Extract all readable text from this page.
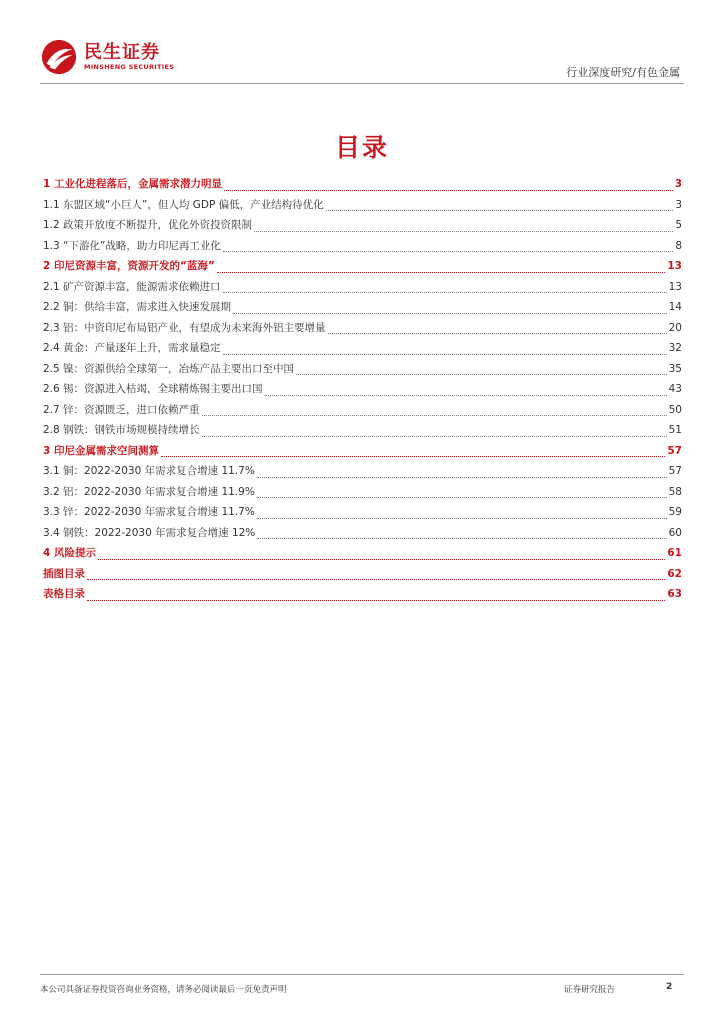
民生证券
MINSHENG SECURITIES	行业深度研究/有色金属
目录
1 工业化进程落后，金属需求潜力明显	3
1.1 东盟区域“小巨人”，但人均 GDP 偏低，产业结构待优化	3
1.2 政策开放度不断提升，优化外资投资限制	5
1.3 “下游化”战略，助力印尼再工业化	8
2 印尼资源丰富，资源开发的“蓝海”	13
2.1 矿产资源丰富，能源需求依赖进口	13
2.2 铜：供给丰富，需求进入快速发展期	14
2.3 铝：中资印尼布局铝产业，有望成为未来海外铝主要增量	20
2.4 黄金：产量逐年上升，需求量稳定	32
2.5 镍：资源供给全球第一，冶炼产品主要出口至中国	35
2.6 锡：资源进入枯竭，全球精炼锡主要出口国	43
2.7 锌：资源匮乏，进口依赖严重	50
2.8 钢铁：钢铁市场规模持续增长	51
3 印尼金属需求空间测算	57
3.1 铜：2022-2030 年需求复合增速 11.7%	57
3.2 铝：2022-2030 年需求复合增速 11.9%	58
3.3 锌：2022-2030 年需求复合增速 11.7%	59
3.4 钢铁：2022-2030 年需求复合增速 12%	60
4 风险提示	61
插图目录	62
表格目录	63
本公司具备证券投资咨询业务资格，请务必阅读最后一页免责声明	证券研究报告	2
